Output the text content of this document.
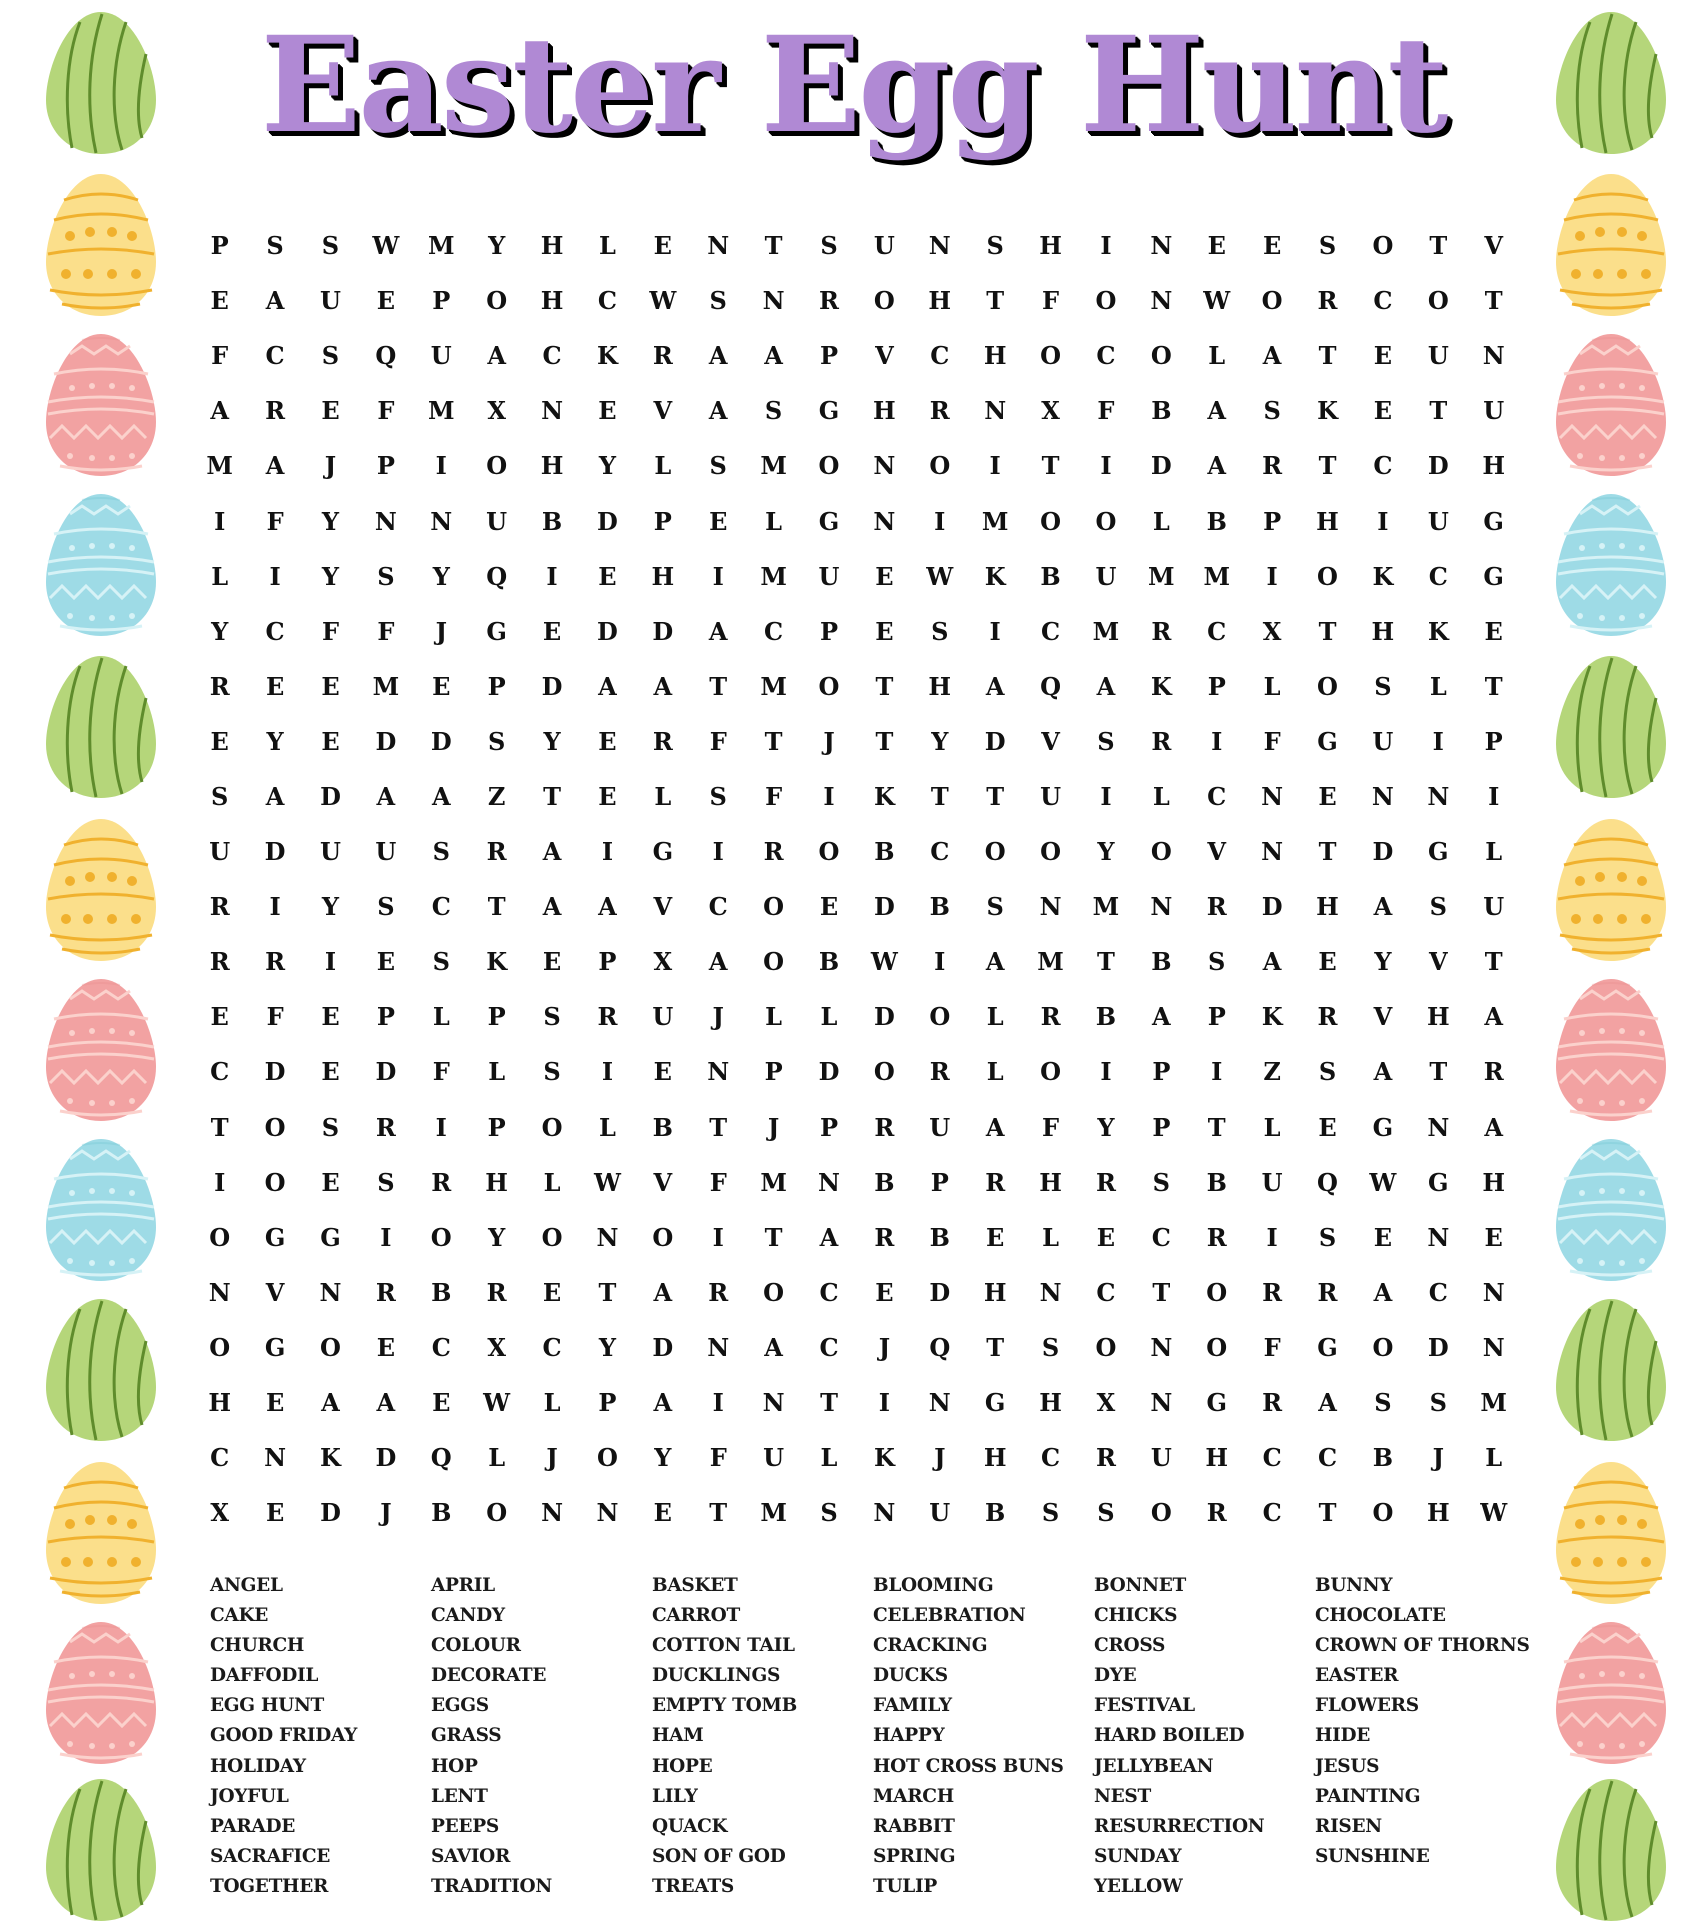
Easter Egg Hunt
P	S	S	W	M	Y	H	L	E	N	T	S	U	N	S	H	I	N	E	E	S	O	T	V
E	A	U	E	P	O	H	C	W	S	N	R	O	H	T	F	O	N	W	O	R	C	O	T
F	C	S	Q	U	A	C	K	R	A	A	P	V	C	H	O	C	O	L	A	T	E	U	N
A	R	E	F	M	X	N	E	V	A	S	G	H	R	N	X	F	B	A	S	K	E	T	U
M	A	J	P	I	O	H	Y	L	S	M	O	N	O	I	T	I	D	A	R	T	C	D	H
I	F	Y	N	N	U	B	D	P	E	L	G	N	I	M	O	O	L	B	P	H	I	U	G
L	I	Y	S	Y	Q	I	E	H	I	M	U	E	W	K	B	U	M	M	I	O	K	C	G
Y	C	F	F	J	G	E	D	D	A	C	P	E	S	I	C	M	R	C	X	T	H	K	E
R	E	E	M	E	P	D	A	A	T	M	O	T	H	A	Q	A	K	P	L	O	S	L	T
E	Y	E	D	D	S	Y	E	R	F	T	J	T	Y	D	V	S	R	I	F	G	U	I	P
S	A	D	A	A	Z	T	E	L	S	F	I	K	T	T	U	I	L	C	N	E	N	N	I
U	D	U	U	S	R	A	I	G	I	R	O	B	C	O	O	Y	O	V	N	T	D	G	L
R	I	Y	S	C	T	A	A	V	C	O	E	D	B	S	N	M	N	R	D	H	A	S	U
R	R	I	E	S	K	E	P	X	A	O	B	W	I	A	M	T	B	S	A	E	Y	V	T
E	F	E	P	L	P	S	R	U	J	L	L	D	O	L	R	B	A	P	K	R	V	H	A
C	D	E	D	F	L	S	I	E	N	P	D	O	R	L	O	I	P	I	Z	S	A	T	R
T	O	S	R	I	P	O	L	B	T	J	P	R	U	A	F	Y	P	T	L	E	G	N	A
I	O	E	S	R	H	L	W	V	F	M	N	B	P	R	H	R	S	B	U	Q	W	G	H
O	G	G	I	O	Y	O	N	O	I	T	A	R	B	E	L	E	C	R	I	S	E	N	E
N	V	N	R	B	R	E	T	A	R	O	C	E	D	H	N	C	T	O	R	R	A	C	N
O	G	O	E	C	X	C	Y	D	N	A	C	J	Q	T	S	O	N	O	F	G	O	D	N
H	E	A	A	E	W	L	P	A	I	N	T	I	N	G	H	X	N	G	R	A	S	S	M
C	N	K	D	Q	L	J	O	Y	F	U	L	K	J	H	C	R	U	H	C	C	B	J	L
X	E	D	J	B	O	N	N	E	T	M	S	N	U	B	S	S	O	R	C	T	O	H	W
ANGEL	APRIL	BASKET	BLOOMING	BONNET	BUNNY
CAKE	CANDY	CARROT	CELEBRATION	CHICKS	CHOCOLATE
CHURCH	COLOUR	COTTON TAIL	CRACKING	CROSS	CROWN OF THORNS
DAFFODIL	DECORATE	DUCKLINGS	DUCKS	DYE	EASTER
EGG HUNT	EGGS	EMPTY TOMB	FAMILY	FESTIVAL	FLOWERS
GOOD FRIDAY	GRASS	HAM	HAPPY	HARD BOILED	HIDE
HOLIDAY	HOP	HOPE	HOT CROSS BUNS	JELLYBEAN	JESUS
JOYFUL	LENT	LILY	MARCH	NEST	PAINTING
PARADE	PEEPS	QUACK	RABBIT	RESURRECTION	RISEN
SACRAFICE	SAVIOR	SON OF GOD	SPRING	SUNDAY	SUNSHINE
TOGETHER	TRADITION	TREATS	TULIP	YELLOW
